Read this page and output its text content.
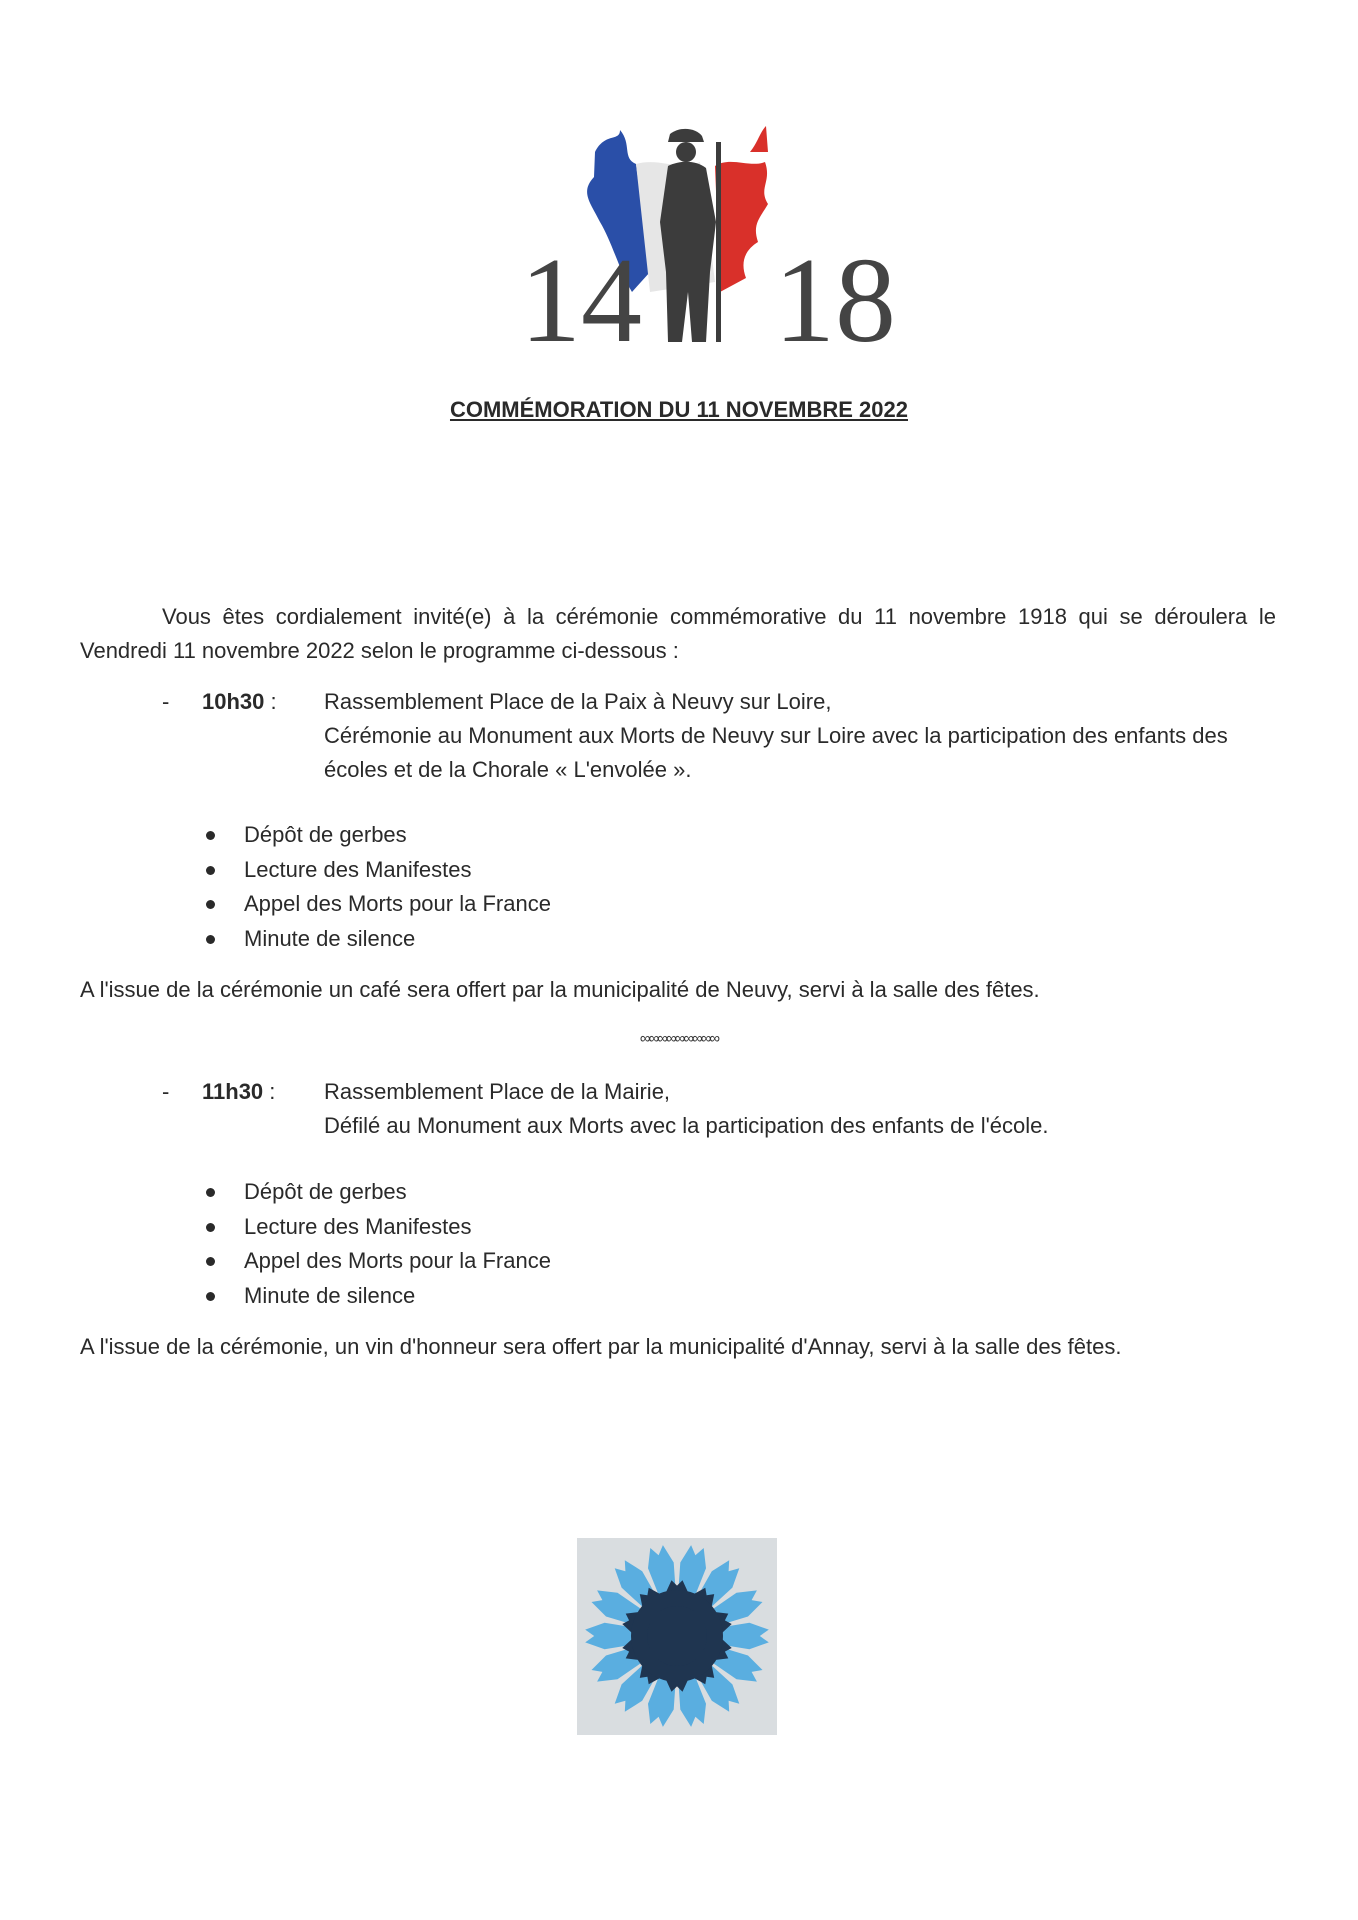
14 18
COMMÉMORATION DU 11 NOVEMBRE 2022

Vous êtes cordialement invité(e) à la cérémonie commémorative du 11 novembre 1918 qui se déroulera le Vendredi 11 novembre 2022 selon le programme ci-dessous :

- 10h30 : Rassemblement Place de la Paix à Neuvy sur Loire,
Cérémonie au Monument aux Morts de Neuvy sur Loire avec la participation des enfants des
écoles et de la Chorale « L'envolée ».
Dépôt de gerbes
Lecture des Manifestes
Appel des Morts pour la France
Minute de silence
A l'issue de la cérémonie un café sera offert par la municipalité de Neuvy, servi à la salle des fêtes.
∞∞∞∞∞∞∞∞∞
- 11h30 : Rassemblement Place de la Mairie,
Défilé au Monument aux Morts avec la participation des enfants de l'école.
Dépôt de gerbes
Lecture des Manifestes
Appel des Morts pour la France
Minute de silence
A l'issue de la cérémonie, un vin d'honneur sera offert par la municipalité d'Annay, servi à la salle des fêtes.
